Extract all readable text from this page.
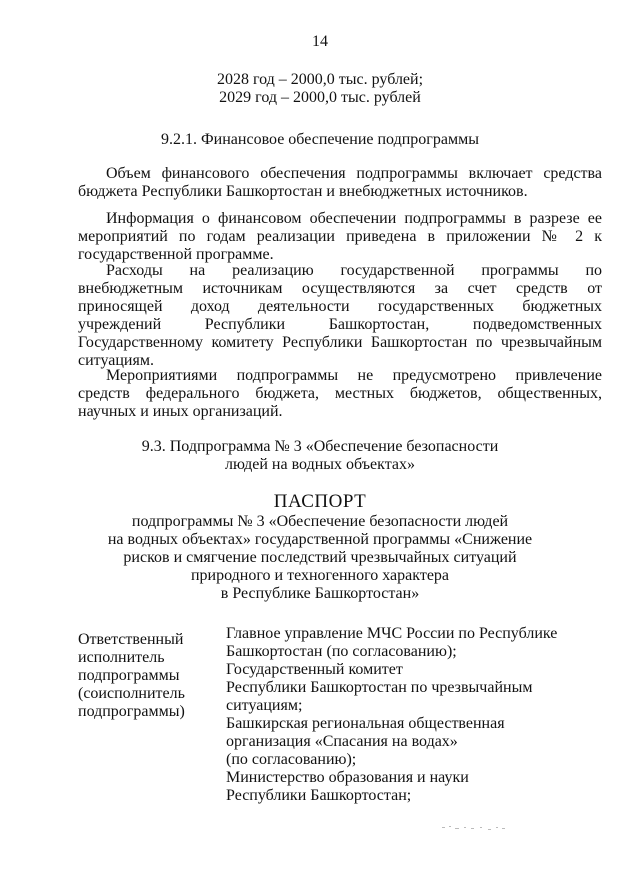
14
2028 год – 2000,0 тыс. рублей;
2029 год – 2000,0 тыс. рублей
9.2.1. Финансовое обеспечение подпрограммы
Объем финансового обеспечения подпрограммы включает средства
бюджета Республики Башкортостан и внебюджетных источников.
Информация о финансовом обеспечении подпрограммы в разрезе ее
мероприятий по годам реализации приведена в приложении № 2 к
государственной программе.
Расходы на реализацию государственной программы по
внебюджетным источникам осуществляются за счет средств от
приносящей доход деятельности государственных бюджетных
учреждений Республики Башкортостан, подведомственных
Государственному комитету Республики Башкортостан по чрезвычайным
ситуациям.
Мероприятиями подпрограммы не предусмотрено привлечение
средств федерального бюджета, местных бюджетов, общественных,
научных и иных организаций.
9.3. Подпрограмма № 3 «Обеспечение безопасности
людей на водных объектах»
ПАСПОРТ
подпрограммы № 3 «Обеспечение безопасности людей
на водных объектах» государственной программы «Снижение
рисков и смягчение последствий чрезвычайных ситуаций
природного и техногенного характера
в Республике Башкортостан»
Ответственный
исполнитель
подпрограммы
(соисполнитель
подпрограммы)
Главное управление МЧС России по Республике
Башкортостан (по согласованию);
Государственный комитет
Республики Башкортостан по чрезвычайным
ситуациям;
Башкирская региональная общественная
организация «Спасания на водах»
(по согласованию);
Министерство образования и науки
Республики Башкортостан;
